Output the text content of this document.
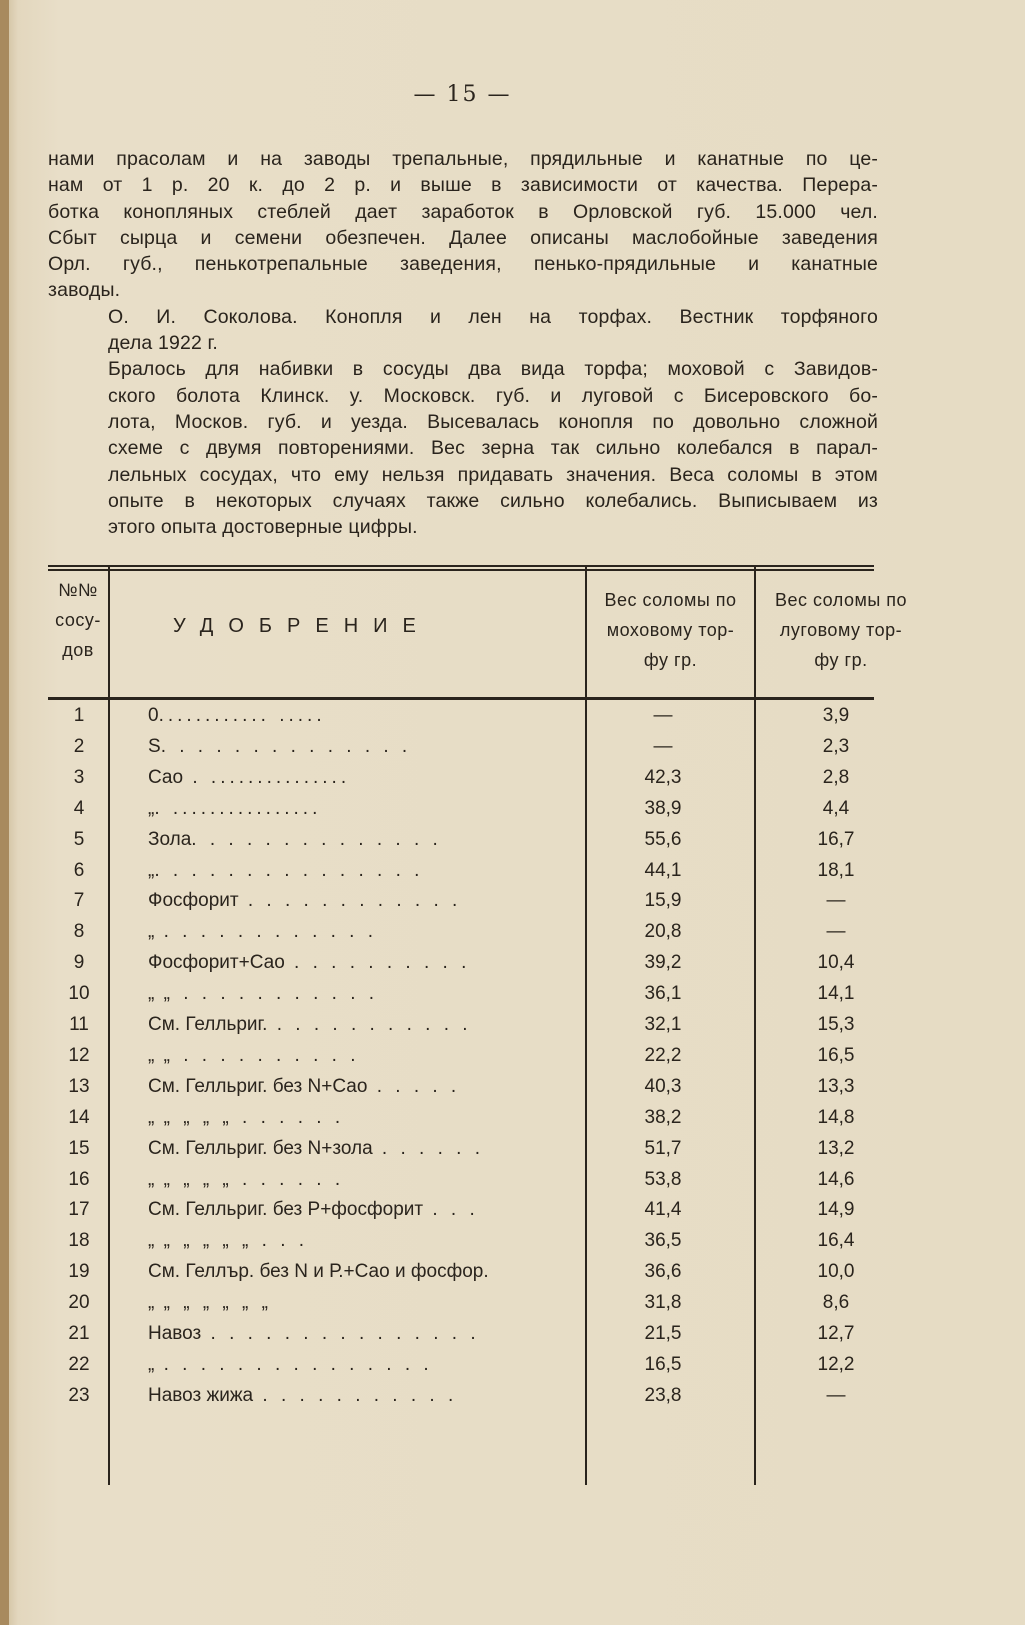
— 15 —

нами прасолам и на заводы трепальные, прядильные и канатные по це-
нам от 1 р. 20 к. до 2 р. и выше в зависимости от качества. Перера-
ботка конопляных стеблей дает заработок в Орловской губ. 15.000 чел.
Сбыт сырца и семени обезпечен. Далее описаны маслобойные заведения
Орл. губ., пенькотрепальные заведения, пенько-прядильные и канатные
заводы.

О. И. Соколова. Конопля и лен на торфах. Вестник торфяного
дела 1922 г.

Бралось для набивки в сосуды два вида торфа; моховой с Завидов-
ского болота Клинск. у. Московск. губ. и луговой с Бисеровского бо-
лота, Москов. губ. и уезда. Высевалась конопля по довольно сложной
схеме с двумя повторениями. Вес зерна так сильно колебался в парал-
лельных сосудах, что ему нельзя придавать значения. Веса соломы в этом
опыте в некоторых случаях также сильно колебались. Выписываем из
этого опыта достоверные цифры.

№№
сосу-
дов
УДОБРЕНИЕ
Вес соломы по
моховому тор-
фу гр.
Вес соломы по
луговому тор-
фу гр.
1	0............ .....	—	3,9
2	S. . . . . . . . . . . . . .	—	2,3
3	Сао . ...............	42,3	2,8
4	„. ................	38,9	4,4
5	Зола. . . . . . . . . . . . . .	55,6	16,7
6	„. . . . . . . . . . . . . . .	44,1	18,1
7	Фосфорит . . . . . . . . . . . .	15,9	—
8	„ . . . . . . . . . . . .	20,8	—
9	Фосфорит+Сао . . . . . . . . . .	39,2	10,4
10	„ „ . . . . . . . . . . .	36,1	14,1
11	См. Гелльриг. . . . . . . . . . . .	32,1	15,3
12	„ „ . . . . . . . . . .	22,2	16,5
13	См. Гелльриг. без N+Сао . . . . .	40,3	13,3
14	„ „ „ „ „ . . . . . .	38,2	14,8
15	См. Гелльриг. без N+зола . . . . . .	51,7	13,2
16	„ „ „ „ „ . . . . . .	53,8	14,6
17	См. Гелльриг. без Р+фосфорит . . .	41,4	14,9
18	„ „ „ „ „ „ . . .	36,5	16,4
19	См. Геллър. без N и Р.+Сао и фосфор.	36,6	10,0
20	„ „ „ „ „ „ „	31,8	8,6
21	Навоз . . . . . . . . . . . . . . .	21,5	12,7
22	„ . . . . . . . . . . . . . . .	16,5	12,2
23	Навоз жижа . . . . . . . . . . .	23,8	—
